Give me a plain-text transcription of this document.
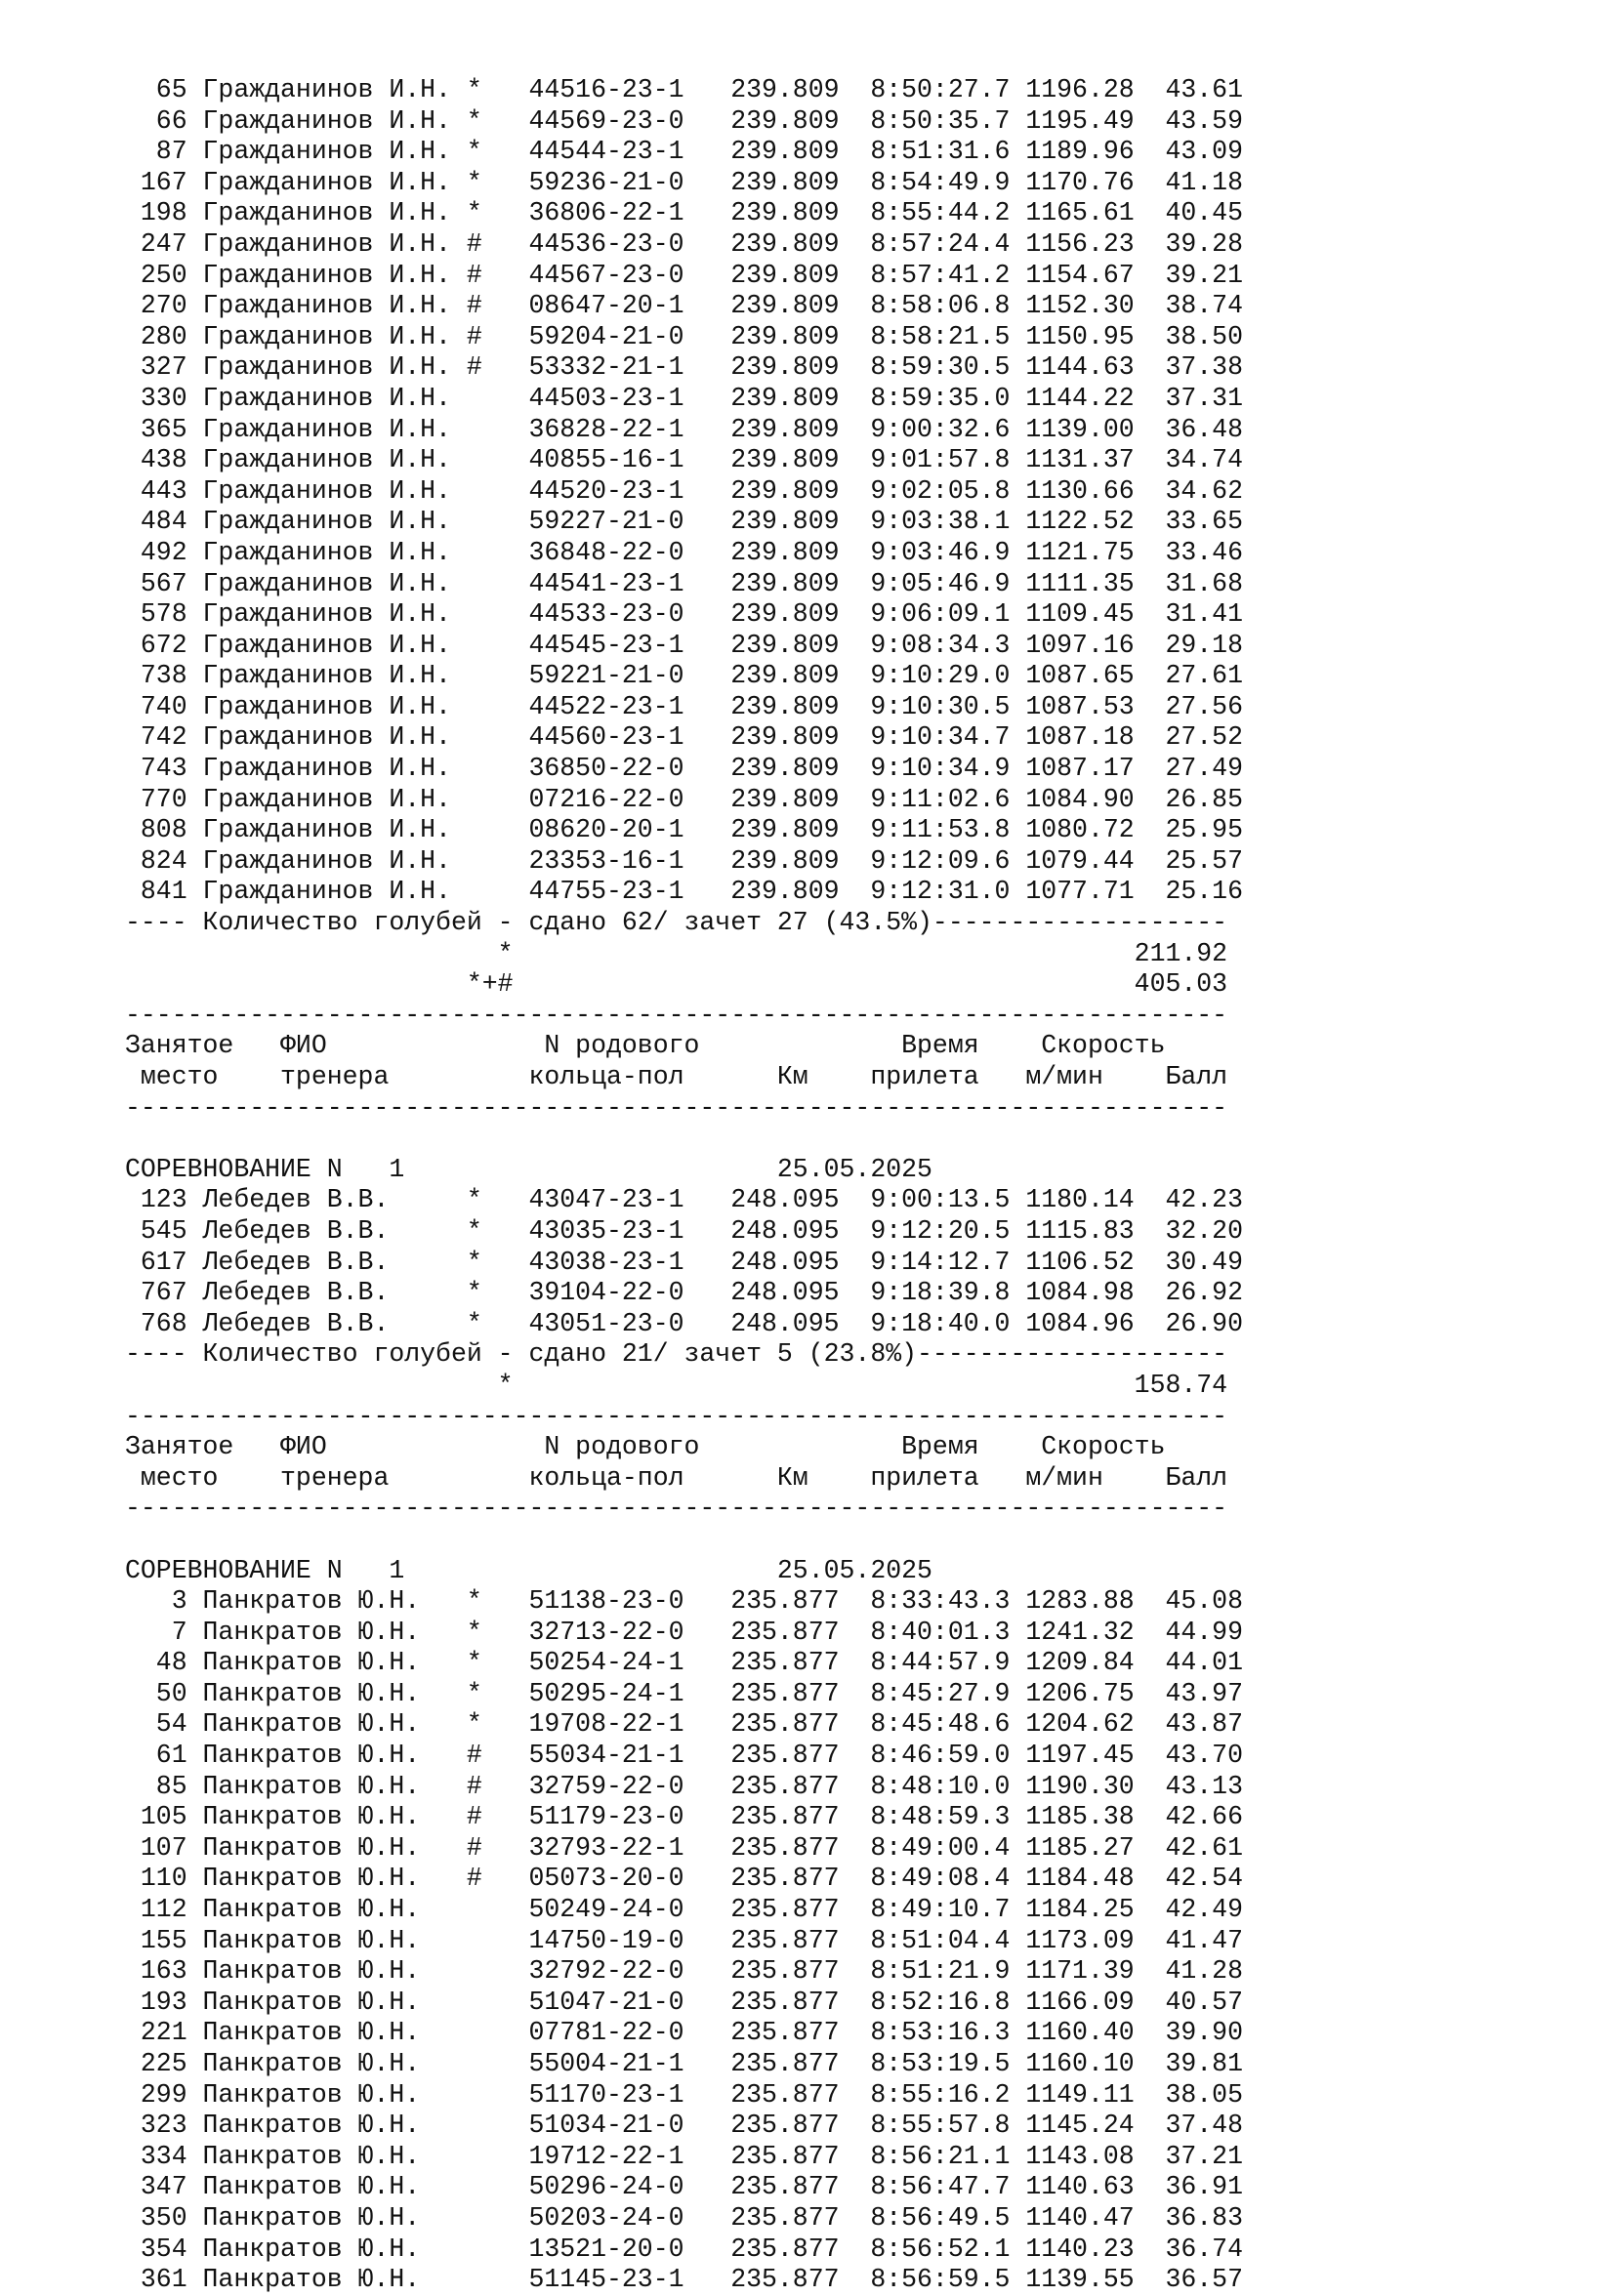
65 Гражданинов И.Н. *   44516-23-1   239.809  8:50:27.7 1196.28  43.61
66 Гражданинов И.Н. *   44569-23-0   239.809  8:50:35.7 1195.49  43.59
87 Гражданинов И.Н. *   44544-23-1   239.809  8:51:31.6 1189.96  43.09
167 Гражданинов И.Н. *   59236-21-0   239.809  8:54:49.9 1170.76  41.18
198 Гражданинов И.Н. *   36806-22-1   239.809  8:55:44.2 1165.61  40.45
247 Гражданинов И.Н. #   44536-23-0   239.809  8:57:24.4 1156.23  39.28
250 Гражданинов И.Н. #   44567-23-0   239.809  8:57:41.2 1154.67  39.21
270 Гражданинов И.Н. #   08647-20-1   239.809  8:58:06.8 1152.30  38.74
280 Гражданинов И.Н. #   59204-21-0   239.809  8:58:21.5 1150.95  38.50
327 Гражданинов И.Н. #   53332-21-1   239.809  8:59:30.5 1144.63  37.38
330 Гражданинов И.Н.     44503-23-1   239.809  8:59:35.0 1144.22  37.31
365 Гражданинов И.Н.     36828-22-1   239.809  9:00:32.6 1139.00  36.48
438 Гражданинов И.Н.     40855-16-1   239.809  9:01:57.8 1131.37  34.74
443 Гражданинов И.Н.     44520-23-1   239.809  9:02:05.8 1130.66  34.62
484 Гражданинов И.Н.     59227-21-0   239.809  9:03:38.1 1122.52  33.65
492 Гражданинов И.Н.     36848-22-0   239.809  9:03:46.9 1121.75  33.46
567 Гражданинов И.Н.     44541-23-1   239.809  9:05:46.9 1111.35  31.68
578 Гражданинов И.Н.     44533-23-0   239.809  9:06:09.1 1109.45  31.41
672 Гражданинов И.Н.     44545-23-1   239.809  9:08:34.3 1097.16  29.18
738 Гражданинов И.Н.     59221-21-0   239.809  9:10:29.0 1087.65  27.61
740 Гражданинов И.Н.     44522-23-1   239.809  9:10:30.5 1087.53  27.56
742 Гражданинов И.Н.     44560-23-1   239.809  9:10:34.7 1087.18  27.52
743 Гражданинов И.Н.     36850-22-0   239.809  9:10:34.9 1087.17  27.49
770 Гражданинов И.Н.     07216-22-0   239.809  9:11:02.6 1084.90  26.85
808 Гражданинов И.Н.     08620-20-1   239.809  9:11:53.8 1080.72  25.95
824 Гражданинов И.Н.     23353-16-1   239.809  9:12:09.6 1079.44  25.57
841 Гражданинов И.Н.     44755-23-1   239.809  9:12:31.0 1077.71  25.16
---- Количество голубей - сдано 62/ зачет 27 (43.5%)-------------------
*                                        211.92
*+#                                        405.03
-----------------------------------------------------------------------
Занятое   ФИО              N родового             Время    Скорость
место    тренера         кольца-пол      Км    прилета   м/мин    Балл
-----------------------------------------------------------------------

СОРЕВНОВАНИЕ N   1                        25.05.2025
123 Лебедев В.В.     *   43047-23-1   248.095  9:00:13.5 1180.14  42.23
545 Лебедев В.В.     *   43035-23-1   248.095  9:12:20.5 1115.83  32.20
617 Лебедев В.В.     *   43038-23-1   248.095  9:14:12.7 1106.52  30.49
767 Лебедев В.В.     *   39104-22-0   248.095  9:18:39.8 1084.98  26.92
768 Лебедев В.В.     *   43051-23-0   248.095  9:18:40.0 1084.96  26.90
---- Количество голубей - сдано 21/ зачет 5 (23.8%)--------------------
*                                        158.74
-----------------------------------------------------------------------
Занятое   ФИО              N родового             Время    Скорость
место    тренера         кольца-пол      Км    прилета   м/мин    Балл
-----------------------------------------------------------------------

СОРЕВНОВАНИЕ N   1                        25.05.2025
3 Панкратов Ю.Н.   *   51138-23-0   235.877  8:33:43.3 1283.88  45.08
7 Панкратов Ю.Н.   *   32713-22-0   235.877  8:40:01.3 1241.32  44.99
48 Панкратов Ю.Н.   *   50254-24-1   235.877  8:44:57.9 1209.84  44.01
50 Панкратов Ю.Н.   *   50295-24-1   235.877  8:45:27.9 1206.75  43.97
54 Панкратов Ю.Н.   *   19708-22-1   235.877  8:45:48.6 1204.62  43.87
61 Панкратов Ю.Н.   #   55034-21-1   235.877  8:46:59.0 1197.45  43.70
85 Панкратов Ю.Н.   #   32759-22-0   235.877  8:48:10.0 1190.30  43.13
105 Панкратов Ю.Н.   #   51179-23-0   235.877  8:48:59.3 1185.38  42.66
107 Панкратов Ю.Н.   #   32793-22-1   235.877  8:49:00.4 1185.27  42.61
110 Панкратов Ю.Н.   #   05073-20-0   235.877  8:49:08.4 1184.48  42.54
112 Панкратов Ю.Н.       50249-24-0   235.877  8:49:10.7 1184.25  42.49
155 Панкратов Ю.Н.       14750-19-0   235.877  8:51:04.4 1173.09  41.47
163 Панкратов Ю.Н.       32792-22-0   235.877  8:51:21.9 1171.39  41.28
193 Панкратов Ю.Н.       51047-21-0   235.877  8:52:16.8 1166.09  40.57
221 Панкратов Ю.Н.       07781-22-0   235.877  8:53:16.3 1160.40  39.90
225 Панкратов Ю.Н.       55004-21-1   235.877  8:53:19.5 1160.10  39.81
299 Панкратов Ю.Н.       51170-23-1   235.877  8:55:16.2 1149.11  38.05
323 Панкратов Ю.Н.       51034-21-0   235.877  8:55:57.8 1145.24  37.48
334 Панкратов Ю.Н.       19712-22-1   235.877  8:56:21.1 1143.08  37.21
347 Панкратов Ю.Н.       50296-24-0   235.877  8:56:47.7 1140.63  36.91
350 Панкратов Ю.Н.       50203-24-0   235.877  8:56:49.5 1140.47  36.83
354 Панкратов Ю.Н.       13521-20-0   235.877  8:56:52.1 1140.23  36.74
361 Панкратов Ю.Н.       51145-23-1   235.877  8:56:59.5 1139.55  36.57
